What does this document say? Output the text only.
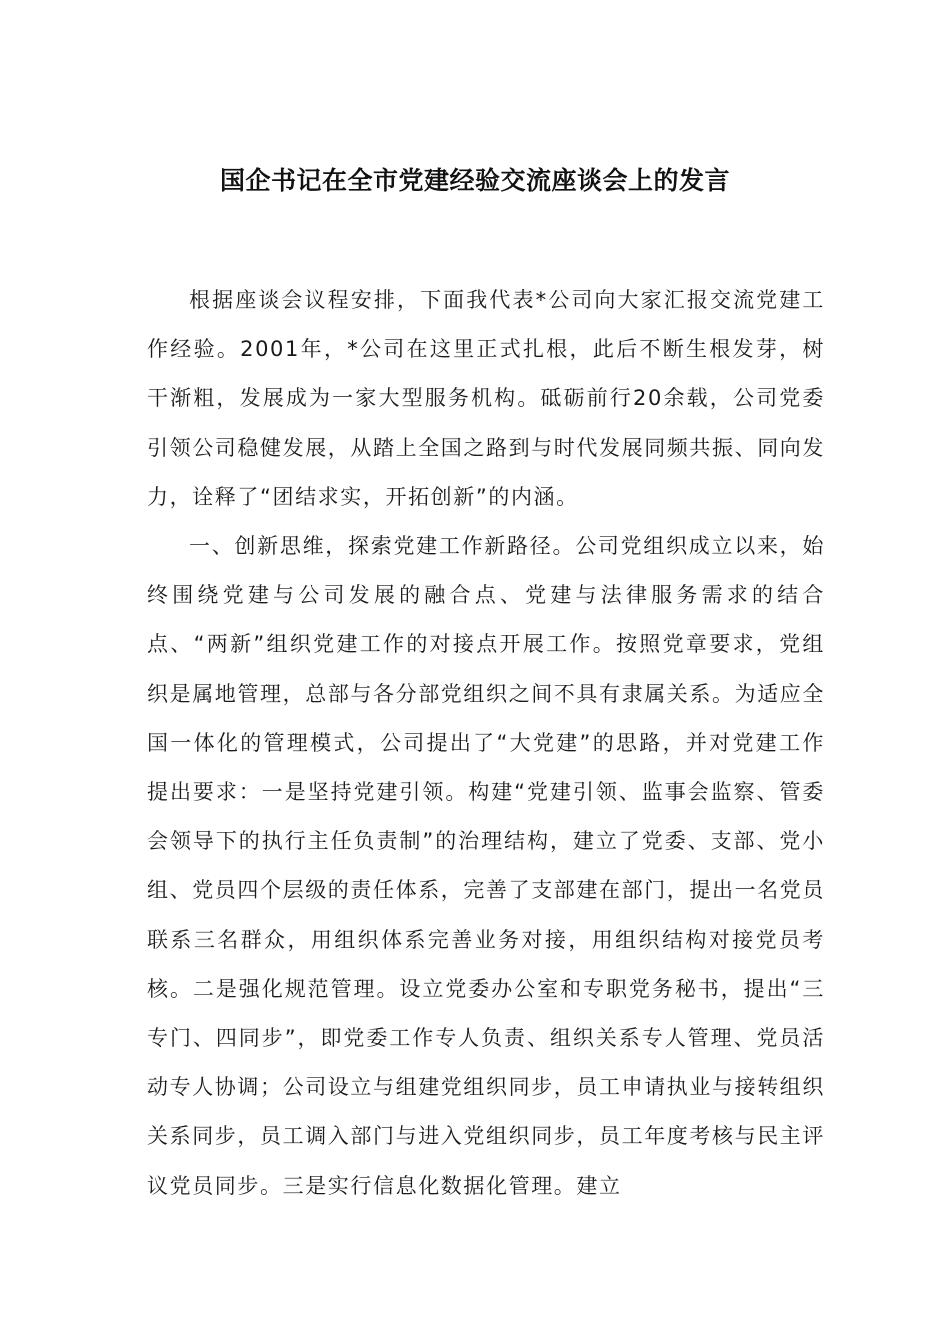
国企书记在全市党建经验交流座谈会上的发言

根据座谈会议程安排，下面我代表*公司向大家汇报交流党建工作经验。2001年，*公司在这里正式扎根，此后不断生根发芽，树干渐粗，发展成为一家大型服务机构。砥砺前行20余载，公司党委引领公司稳健发展，从踏上全国之路到与时代发展同频共振、同向发力，诠释了“团结求实，开拓创新”的内涵。

一、创新思维，探索党建工作新路径。公司党组织成立以来，始终围绕党建与公司发展的融合点、党建与法律服务需求的结合点、“两新”组织党建工作的对接点开展工作。按照党章要求，党组织是属地管理，总部与各分部党组织之间不具有隶属关系。为适应全国一体化的管理模式，公司提出了“大党建”的思路，并对党建工作提出要求：一是坚持党建引领。构建“党建引领、监事会监察、管委会领导下的执行主任负责制”的治理结构，建立了党委、支部、党小组、党员四个层级的责任体系，完善了支部建在部门，提出一名党员联系三名群众，用组织体系完善业务对接，用组织结构对接党员考核。二是强化规范管理。设立党委办公室和专职党务秘书，提出“三专门、四同步”，即党委工作专人负责、组织关系专人管理、党员活动专人协调；公司设立与组建党组织同步，员工申请执业与接转组织关系同步，员工调入部门与进入党组织同步，员工年度考核与民主评议党员同步。三是实行信息化数据化管理。建立
